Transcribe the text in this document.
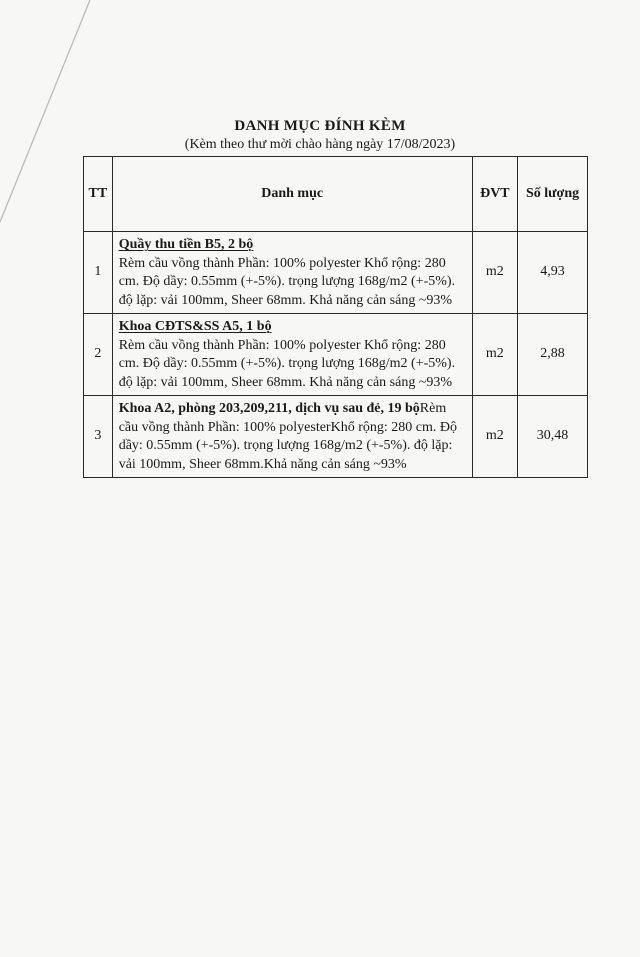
DANH MỤC ĐÍNH KÈM
(Kèm theo thư mời chào hàng ngày 17/08/2023)
TT	Danh mục	ĐVT	Số lượng
1	Quầy thu tiền B5, 2 bộ
Rèm cầu vồng thành Phần: 100% polyester Khổ rộng: 280 cm. Độ dầy: 0.55mm (+-5%). trọng lượng 168g/m2 (+-5%). độ lặp: vải 100mm, Sheer 68mm. Khả năng cản sáng ~93%	m2	4,93
2	Khoa CĐTS&SS A5, 1 bộ
Rèm cầu vồng thành Phần: 100% polyester Khổ rộng: 280 cm. Độ dầy: 0.55mm (+-5%). trọng lượng 168g/m2 (+-5%). độ lặp: vải 100mm, Sheer 68mm. Khả năng cản sáng ~93%	m2	2,88
3	Khoa A2, phòng 203,209,211, dịch vụ sau đẻ, 19 bộRèm cầu vồng thành Phần: 100% polyesterKhổ rộng: 280 cm. Độ dầy: 0.55mm (+-5%). trọng lượng 168g/m2 (+-5%). độ lặp: vải 100mm, Sheer 68mm.Khả năng cản sáng ~93%	m2	30,48
